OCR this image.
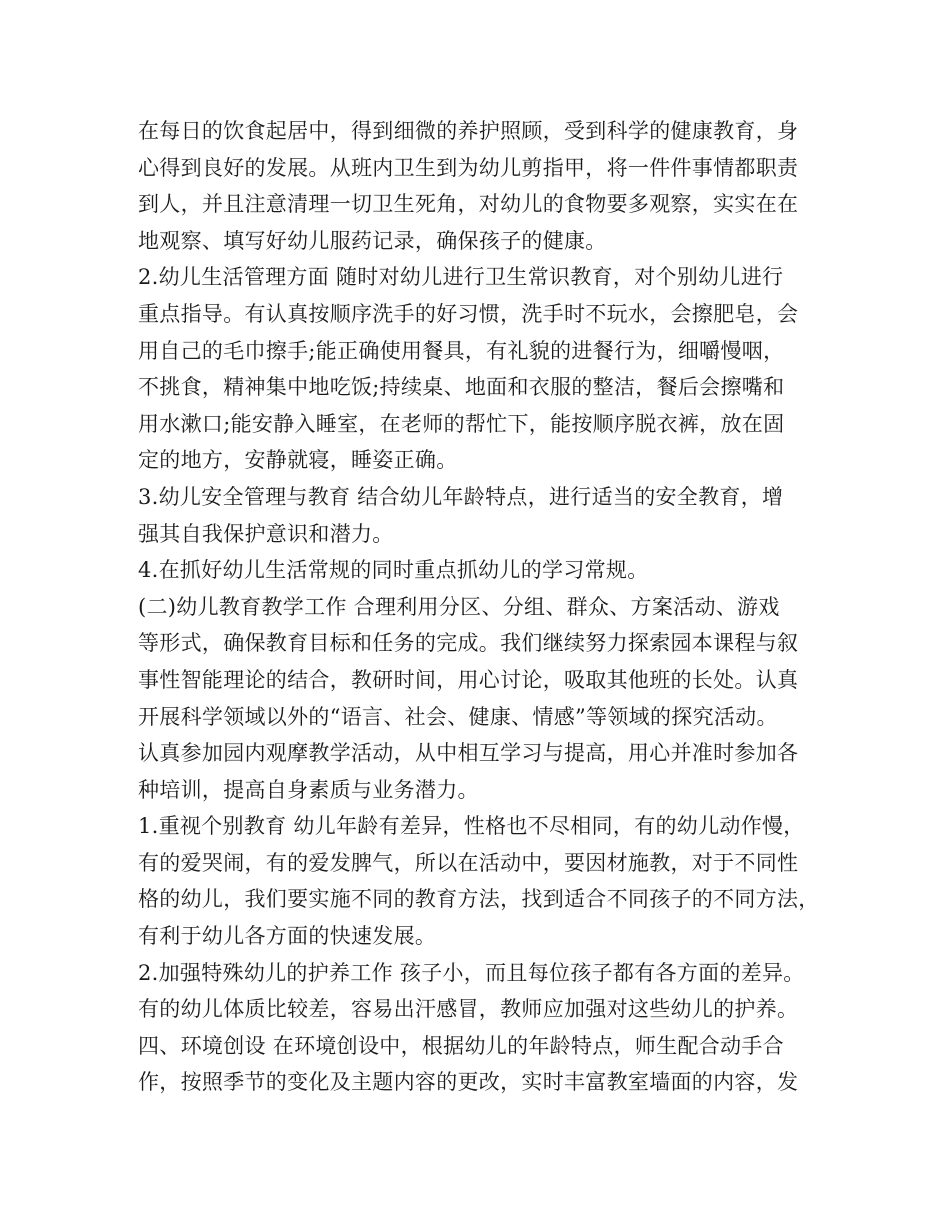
在每日的饮食起居中，得到细微的养护照顾，受到科学的健康教育，身
心得到良好的发展。从班内卫生到为幼儿剪指甲，将一件件事情都职责
到人，并且注意清理一切卫生死角，对幼儿的食物要多观察，实实在在
地观察、填写好幼儿服药记录，确保孩子的健康。
2.幼儿生活管理方面 随时对幼儿进行卫生常识教育，对个别幼儿进行
重点指导。有认真按顺序洗手的好习惯，洗手时不玩水，会擦肥皂，会
用自己的毛巾擦手;能正确使用餐具，有礼貌的进餐行为，细嚼慢咽，
不挑食，精神集中地吃饭;持续桌、地面和衣服的整洁，餐后会擦嘴和
用水漱口;能安静入睡室，在老师的帮忙下，能按顺序脱衣裤，放在固
定的地方，安静就寝，睡姿正确。
3.幼儿安全管理与教育 结合幼儿年龄特点，进行适当的安全教育，增
强其自我保护意识和潜力。
4.在抓好幼儿生活常规的同时重点抓幼儿的学习常规。
(二)幼儿教育教学工作 合理利用分区、分组、群众、方案活动、游戏
等形式，确保教育目标和任务的完成。我们继续努力探索园本课程与叙
事性智能理论的结合，教研时间，用心讨论，吸取其他班的长处。认真
开展科学领域以外的“语言、社会、健康、情感”等领域的探究活动。
认真参加园内观摩教学活动，从中相互学习与提高，用心并准时参加各
种培训，提高自身素质与业务潜力。
1.重视个别教育 幼儿年龄有差异，性格也不尽相同，有的幼儿动作慢，
有的爱哭闹，有的爱发脾气，所以在活动中，要因材施教，对于不同性
格的幼儿，我们要实施不同的教育方法，找到适合不同孩子的不同方法，
有利于幼儿各方面的快速发展。
2.加强特殊幼儿的护养工作 孩子小，而且每位孩子都有各方面的差异。
有的幼儿体质比较差，容易出汗感冒，教师应加强对这些幼儿的护养。
四、环境创设 在环境创设中，根据幼儿的年龄特点，师生配合动手合
作，按照季节的变化及主题内容的更改，实时丰富教室墙面的内容，发
